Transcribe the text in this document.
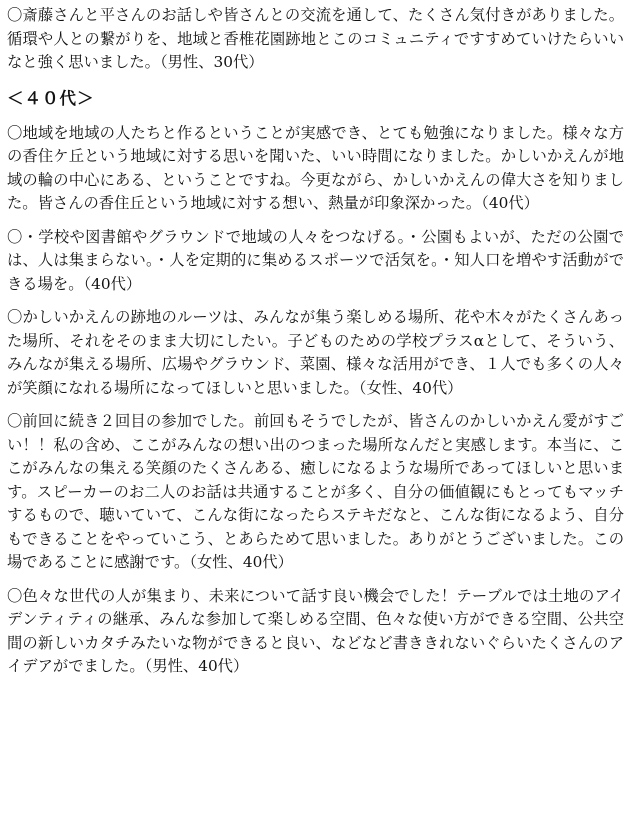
〇斎藤さんと平さんのお話しや皆さんとの交流を通して、たくさん気付きがありました。循環や人との繋がりを、地域と香椎花園跡地とこのコミュニティですすめていけたらいいなと強く思いました。（男性、30代）

＜４０代＞

〇地域を地域の人たちと作るということが実感でき、とても勉強になりました。様々な方の香住ケ丘という地域に対する思いを聞いた、いい時間になりました。かしいかえんが地域の輪の中心にある、ということですね。今更ながら、かしいかえんの偉大さを知りました。皆さんの香住丘という地域に対する想い、熱量が印象深かった。（40代）

〇・学校や図書館やグラウンドで地域の人々をつなげる。・公園もよいが、ただの公園では、人は集まらない。・人を定期的に集めるスポーツで活気を。・知人口を増やす活動ができる場を。（40代）

〇かしいかえんの跡地のルーツは、みんなが集う楽しめる場所、花や木々がたくさんあった場所、それをそのまま大切にしたい。子どものための学校プラスαとして、そういう、みんなが集える場所、広場やグラウンド、菜園、様々な活用ができ、１人でも多くの人々が笑顔になれる場所になってほしいと思いました。（女性、40代）

〇前回に続き２回目の参加でした。前回もそうでしたが、皆さんのかしいかえん愛がすごい！！私の含め、ここがみんなの想い出のつまった場所なんだと実感します。本当に、ここがみんなの集える笑顔のたくさんある、癒しになるような場所であってほしいと思います。スピーカーのお二人のお話は共通することが多く、自分の価値観にもとってもマッチするもので、聴いていて、こんな街になったらステキだなと、こんな街になるよう、自分もできることをやっていこう、とあらためて思いました。ありがとうございました。この場であることに感謝です。（女性、40代）

〇色々な世代の人が集まり、未来について話す良い機会でした！テーブルでは土地のアイデンティティの継承、みんな参加して楽しめる空間、色々な使い方ができる空間、公共空間の新しいカタチみたいな物ができると良い、などなど書ききれないぐらいたくさんのアイデアがでました。（男性、40代）
